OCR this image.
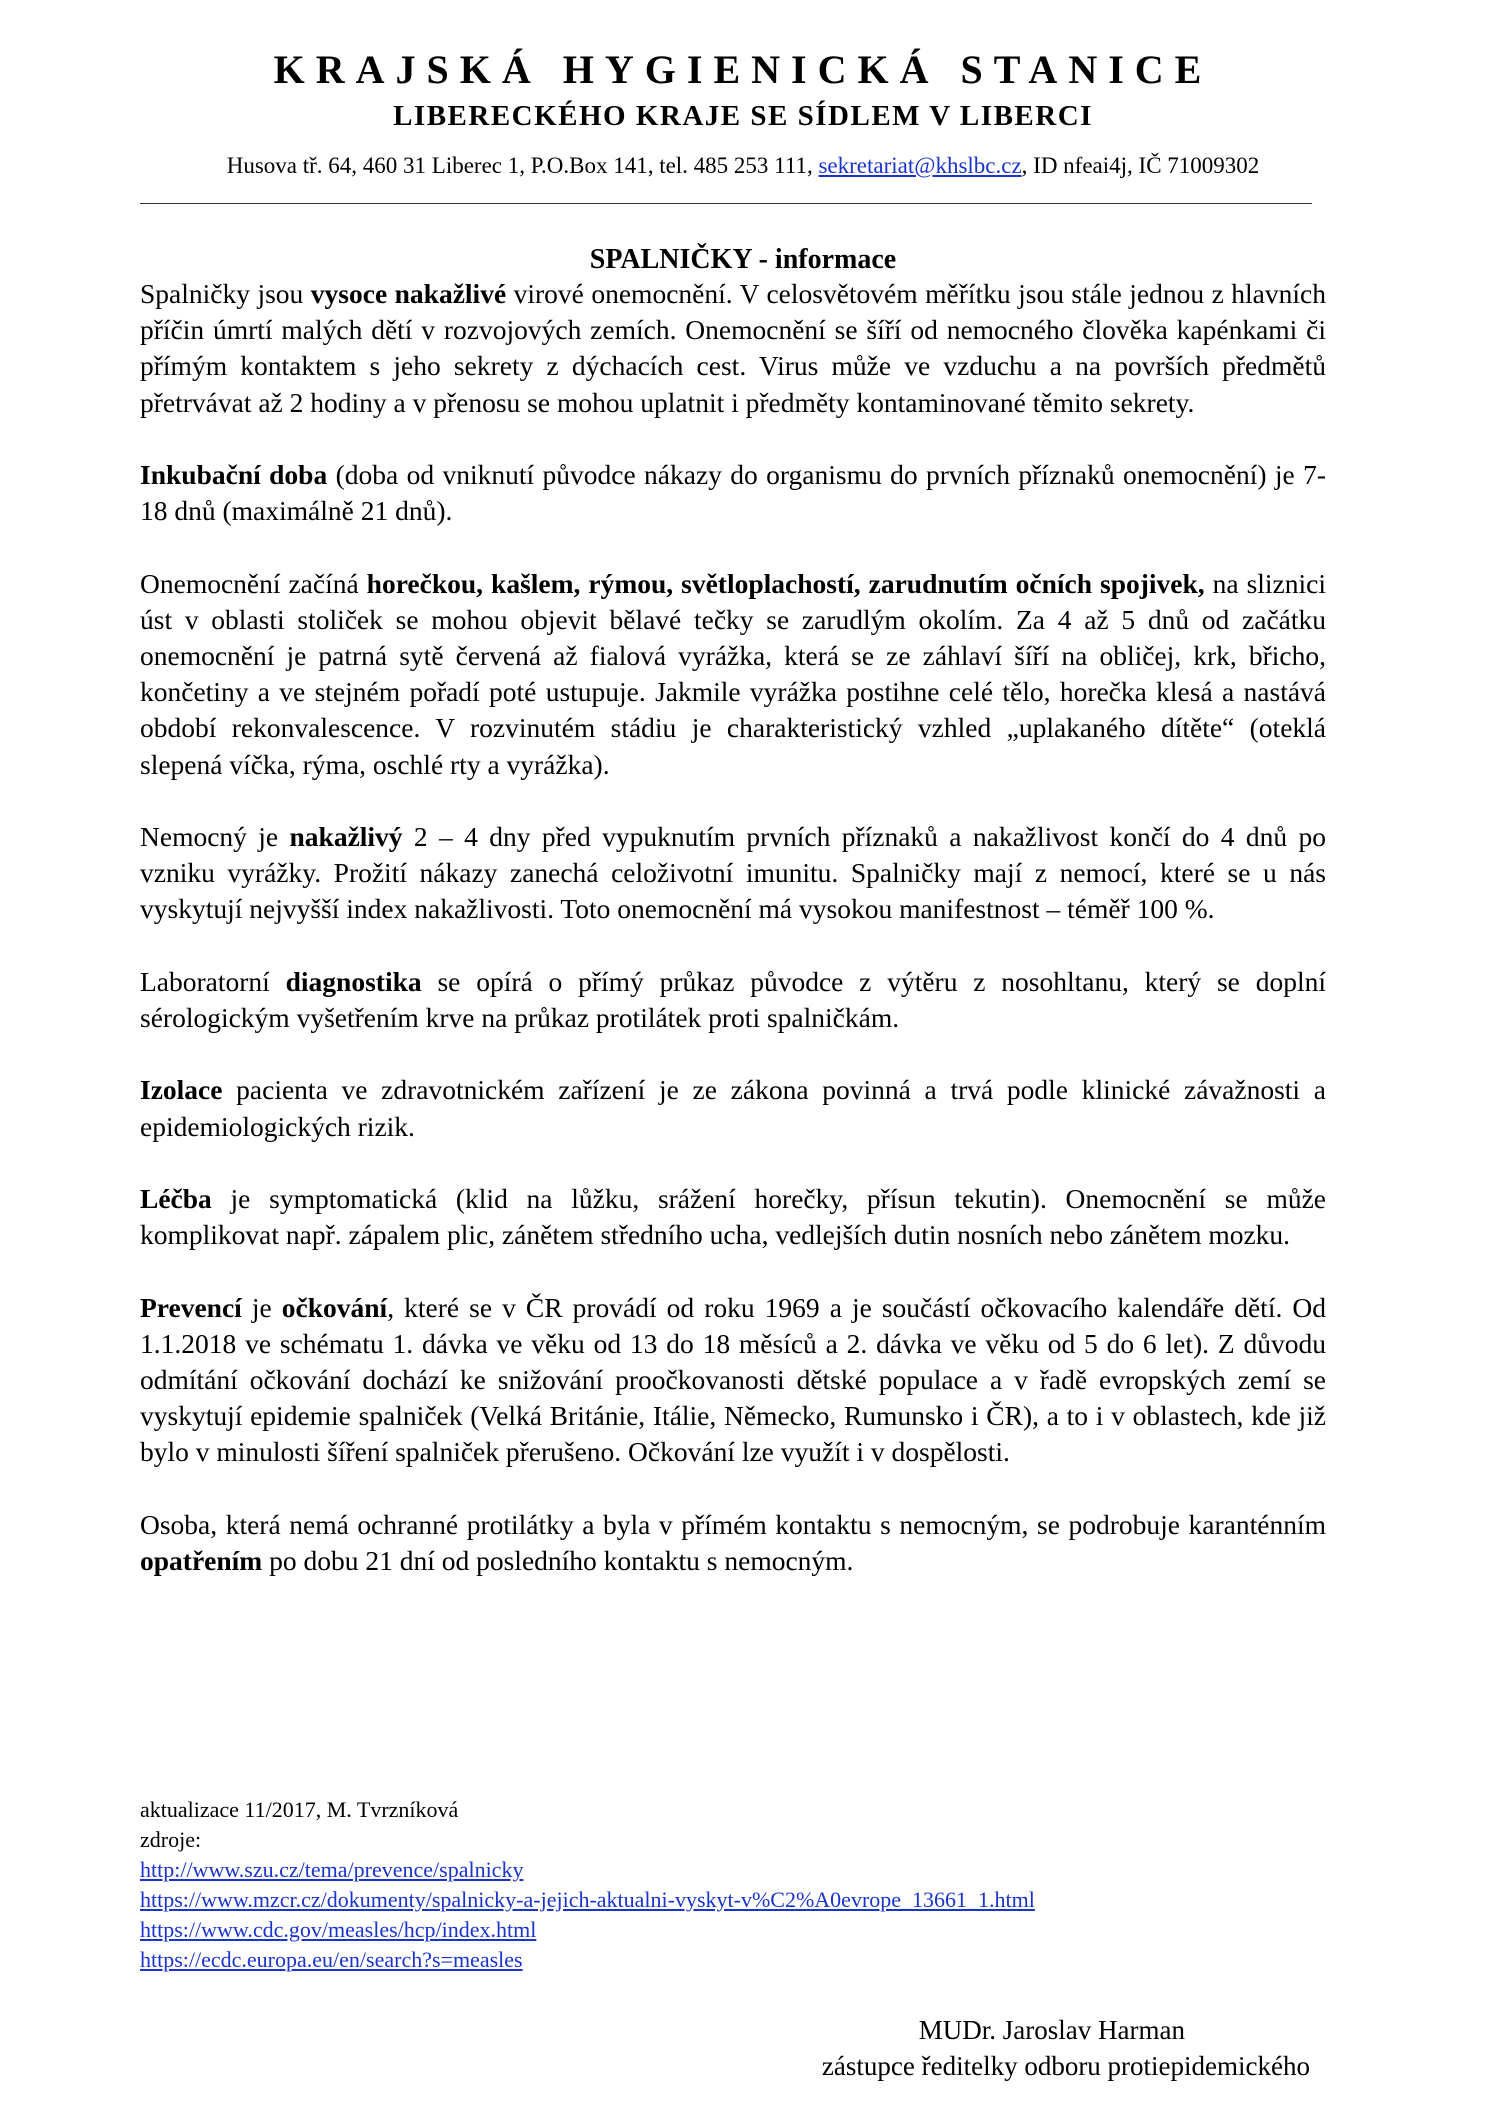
KRAJSKÁ HYGIENICKÁ STANICE
LIBERECKÉHO KRAJE SE SÍDLEM V LIBERCI
Husova tř. 64, 460 31 Liberec 1, P.O.Box 141, tel. 485 253 111, sekretariat@khslbc.cz, ID nfeai4j, IČ 71009302
SPALNIČKY - informace

Spalničky jsou vysoce nakažlivé virové onemocnění. V celosvětovém měřítku jsou stále jednou z hlavních příčin úmrtí malých dětí v rozvojových zemích. Onemocnění se šíří od nemocného člověka kapénkami či přímým kontaktem s jeho sekrety z dýchacích cest. Virus může ve vzduchu a na površích předmětů přetrvávat až 2 hodiny a v přenosu se mohou uplatnit i předměty kontaminované těmito sekrety.

Inkubační doba (doba od vniknutí původce nákazy do organismu do prvních příznaků onemocnění) je 7-18 dnů (maximálně 21 dnů).

Onemocnění začíná horečkou, kašlem, rýmou, světloplachostí, zarudnutím očních spojivek, na sliznici úst v oblasti stoliček se mohou objevit bělavé tečky se zarudlým okolím. Za 4 až 5 dnů od začátku onemocnění je patrná sytě červená až fialová vyrážka, která se ze záhlaví šíří na obličej, krk, břicho, končetiny a ve stejném pořadí poté ustupuje. Jakmile vyrážka postihne celé tělo, horečka klesá a nastává období rekonvalescence. V rozvinutém stádiu je charakteristický vzhled „uplakaného dítěte“ (oteklá slepená víčka, rýma, oschlé rty a vyrážka).

Nemocný je nakažlivý 2 – 4 dny před vypuknutím prvních příznaků a nakažlivost končí do 4 dnů po vzniku vyrážky. Prožití nákazy zanechá celoživotní imunitu. Spalničky mají z nemocí, které se u nás vyskytují nejvyšší index nakažlivosti. Toto onemocnění má vysokou manifestnost – téměř 100 %.

Laboratorní diagnostika se opírá o přímý průkaz původce z výtěru z nosohltanu, který se doplní sérologickým vyšetřením krve na průkaz protilátek proti spalničkám.

Izolace pacienta ve zdravotnickém zařízení je ze zákona povinná a trvá podle klinické závažnosti a epidemiologických rizik.

Léčba je symptomatická (klid na lůžku, srážení horečky, přísun tekutin). Onemocnění se může komplikovat např. zápalem plic, zánětem středního ucha, vedlejších dutin nosních nebo zánětem mozku.

Prevencí je očkování, které se v ČR provádí od roku 1969 a je součástí očkovacího kalendáře dětí. Od 1.1.2018 ve schématu 1. dávka ve věku od 13 do 18 měsíců a 2. dávka ve věku od 5 do 6 let). Z důvodu odmítání očkování dochází ke snižování proočkovanosti dětské populace a v řadě evropských zemí se vyskytují epidemie spalniček (Velká Británie, Itálie, Německo, Rumunsko i ČR), a to i v oblastech, kde již bylo v minulosti šíření spalniček přerušeno. Očkování lze využít i v dospělosti.

Osoba, která nemá ochranné protilátky a byla v přímém kontaktu s nemocným, se podrobuje karanténním opatřením po dobu 21 dní od posledního kontaktu s nemocným.

aktualizace 11/2017, M. Tvrzníková
zdroje:
http://www.szu.cz/tema/prevence/spalnicky
https://www.mzcr.cz/dokumenty/spalnicky-a-jejich-aktualni-vyskyt-v%C2%A0evrope_13661_1.html
https://www.cdc.gov/measles/hcp/index.html
https://ecdc.europa.eu/en/search?s=measles
MUDr. Jaroslav Harman
zástupce ředitelky odboru protiepidemického
